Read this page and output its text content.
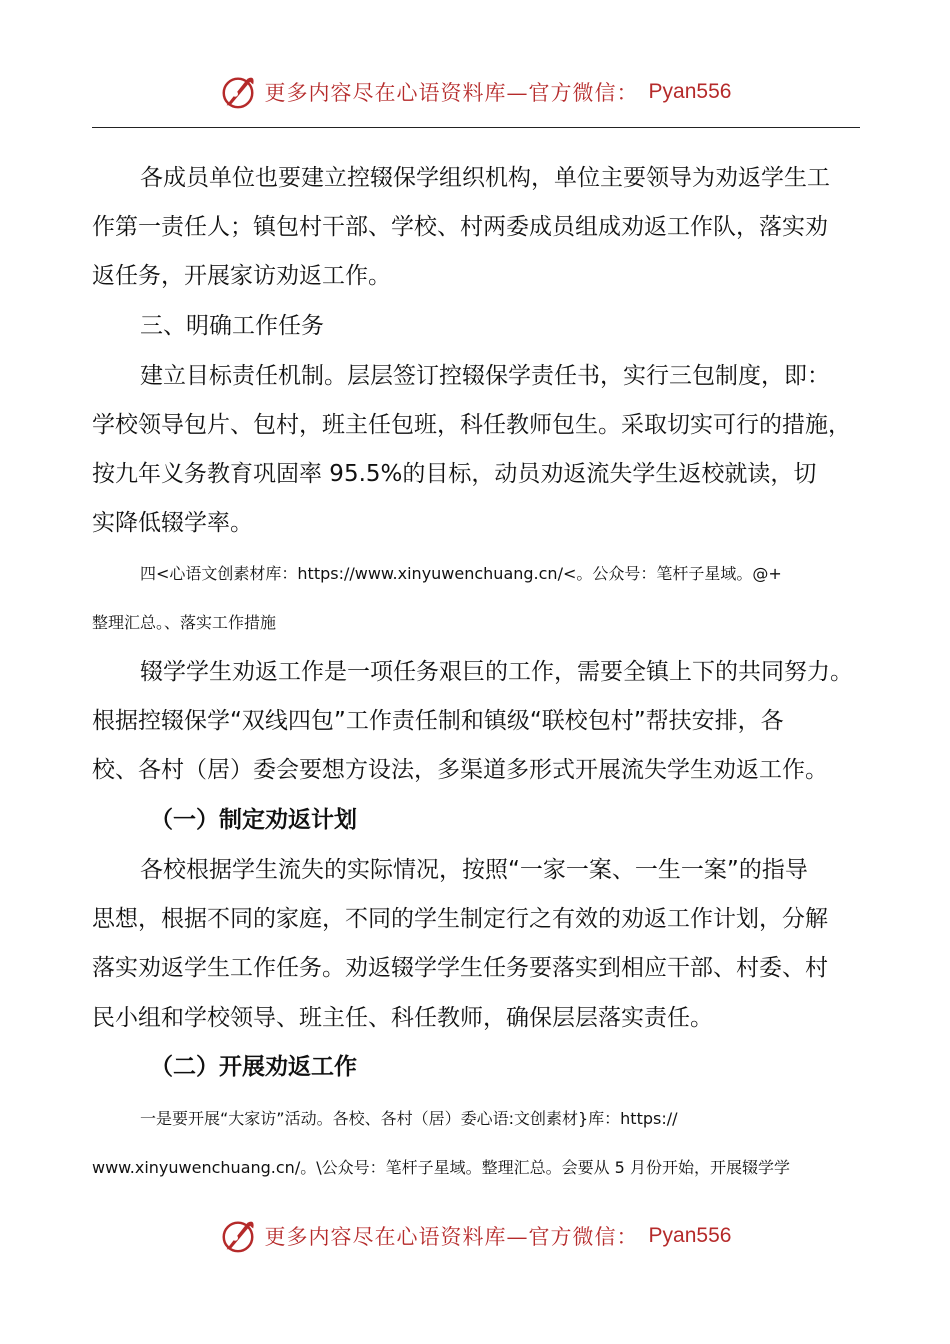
更多内容尽在心语资料库—官方微信： Pyan556
各成员单位也要建立控辍保学组织机构，单位主要领导为劝返学生工
作第一责任人；镇包村干部、学校、村两委成员组成劝返工作队，落实劝
返任务，开展家访劝返工作。
三、明确工作任务
建立目标责任机制。层层签订控辍保学责任书，实行三包制度，即：
学校领导包片、包村，班主任包班，科任教师包生。采取切实可行的措施，
按九年义务教育巩固率 95.5%的目标，动员劝返流失学生返校就读，切
实降低辍学率。
四<心语文创素材库：https://www.xinyuwenchuang.cn/<。公众号：笔杆子星域。@+
整理汇总。、落实工作措施
辍学学生劝返工作是一项任务艰巨的工作，需要全镇上下的共同努力。
根据控辍保学“双线四包”工作责任制和镇级“联校包村”帮扶安排，各
校、各村（居）委会要想方设法，多渠道多形式开展流失学生劝返工作。
（一）制定劝返计划
各校根据学生流失的实际情况，按照“一家一案、一生一案”的指导
思想，根据不同的家庭，不同的学生制定行之有效的劝返工作计划，分解
落实劝返学生工作任务。劝返辍学学生任务要落实到相应干部、村委、村
民小组和学校领导、班主任、科任教师，确保层层落实责任。
（二）开展劝返工作
一是要开展“大家访”活动。各校、各村（居）委心语:文创素材}库：https://
www.xinyuwenchuang.cn/。\公众号：笔杆子星域。整理汇总。会要从 5 月份开始，开展辍学学
更多内容尽在心语资料库—官方微信： Pyan556
